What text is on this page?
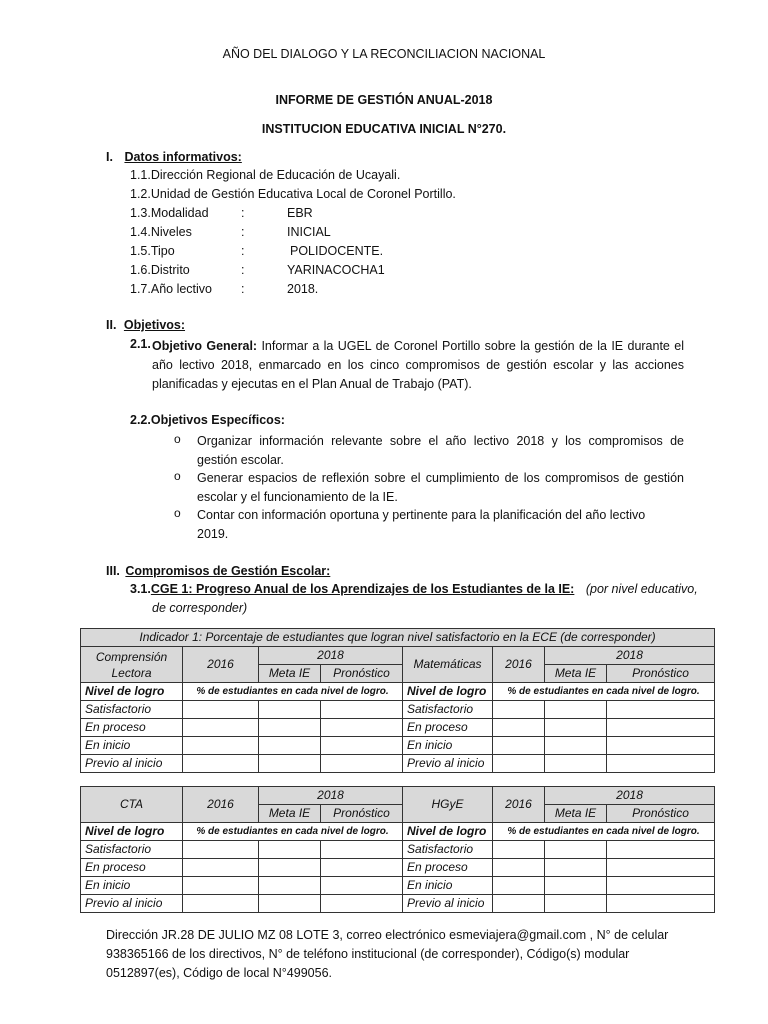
AÑO DEL DIALOGO Y LA RECONCILIACION NACIONAL
INFORME DE GESTIÓN ANUAL-2018
INSTITUCION EDUCATIVA INICIAL N°270.
I. Datos informativos:
1.1.Dirección Regional de Educación de Ucayali.
1.2.Unidad de Gestión Educativa Local de Coronel Portillo.
1.3.Modalidad	:	EBR
1.4.Niveles	:	INICIAL
1.5.Tipo	:	POLIDOCENTE.
1.6.Distrito	:	YARINACOCHA1
1.7.Año lectivo :	2018.
II. Objetivos:
2.1. Objetivo General: Informar a la UGEL de Coronel Portillo sobre la gestión de la IE durante el
año lectivo 2018, enmarcado en los cinco compromisos de gestión escolar y las acciones
planificadas y ejecutas en el Plan Anual de Trabajo (PAT).
2.2.Objetivos Específicos:
o Organizar información relevante sobre el año lectivo 2018 y los compromisos de
gestión escolar.
o Generar espacios de reflexión sobre el cumplimiento de los compromisos de gestión
escolar y el funcionamiento de la IE.
o Contar con información oportuna y pertinente para la planificación del año lectivo
2019.
III. Compromisos de Gestión Escolar:
3.1.CGE 1: Progreso Anual de los Aprendizajes de los Estudiantes de la IE: (por nivel educativo,
de corresponder)
Indicador 1: Porcentaje de estudiantes que logran nivel satisfactorio en la ECE (de corresponder)							
Comprensión
Lectora	2016	2018		Matemáticas	2016	2018	
		Meta IE	Pronóstico			Meta IE	Pronóstico
Nivel de logro	% de estudiantes en cada nivel de logro.			Nivel de logro	% de estudiantes en cada nivel de logro.		
Satisfactorio				Satisfactorio			
En proceso				En proceso			
En inicio				En inicio			
Previo al inicio				Previo al inicio			
CTA	2016	2018		HGyE	2016	2018	
		Meta IE	Pronóstico			Meta IE	Pronóstico
Nivel de logro	% de estudiantes en cada nivel de logro.			Nivel de logro	% de estudiantes en cada nivel de logro.		
Satisfactorio				Satisfactorio			
En proceso				En proceso			
En inicio				En inicio			
Previo al inicio				Previo al inicio			
Dirección JR.28 DE JULIO MZ 08 LOTE 3, correo electrónico esmeviajera@gmail.com , N° de celular
938365166 de los directivos, N° de teléfono institucional (de corresponder), Código(s) modular
0512897(es), Código de local N°499056.
